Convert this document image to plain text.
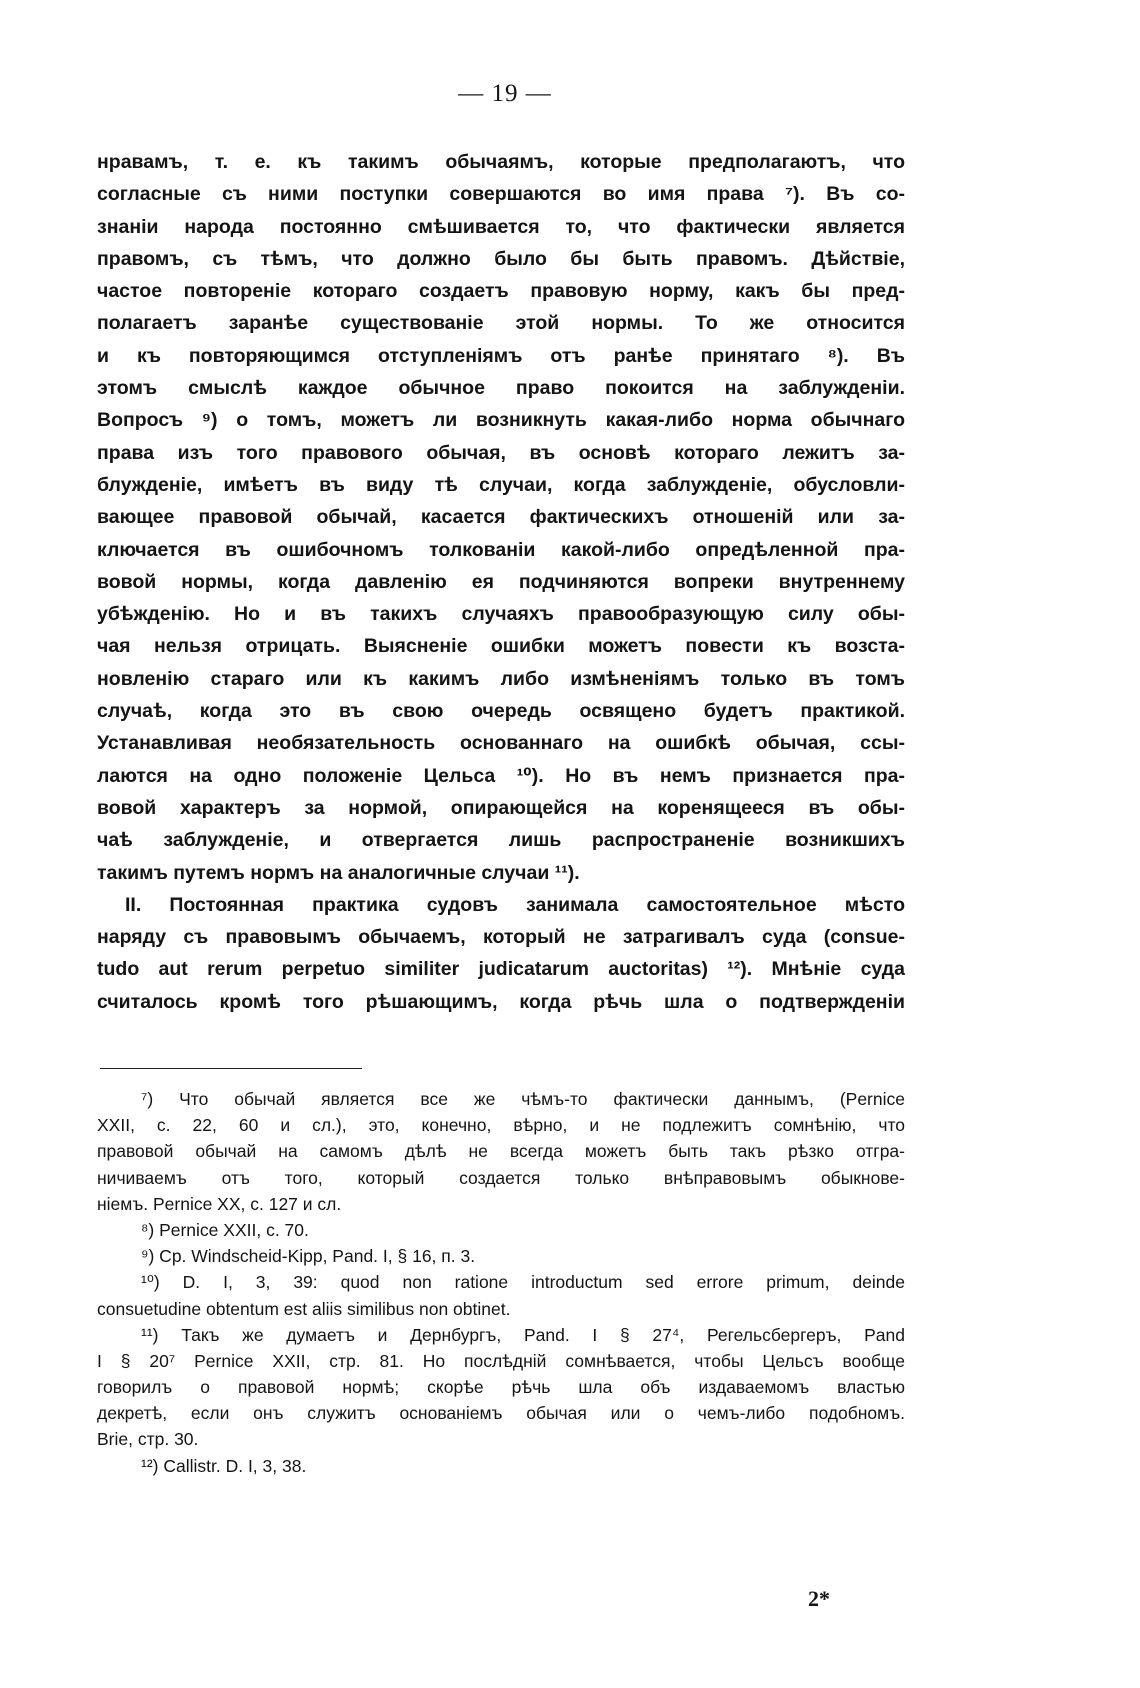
— 19 —
нравамъ, т. е. къ такимъ обычаямъ, которые предполагаютъ, что
согласные съ ними поступки совершаются во имя права ⁷). Въ со-
знаніи народа постоянно смѣшивается то, что фактически является
правомъ, съ тѣмъ, что должно было бы быть правомъ. Дѣйствіе,
частое повтореніе котораго создаетъ правовую норму, какъ бы пред-
полагаетъ заранѣе существованіе этой нормы. То же относится
и къ повторяющимся отступленіямъ отъ ранѣе принятаго ⁸). Въ
этомъ смыслѣ каждое обычное право покоится на заблужденіи.
Вопросъ ⁹) о томъ, можетъ ли возникнуть какая-либо норма обычнаго
права изъ того правового обычая, въ основѣ котораго лежитъ за-
блужденіе, имѣетъ въ виду тѣ случаи, когда заблужденіе, обусловли-
вающее правовой обычай, касается фактическихъ отношеній или за-
ключается въ ошибочномъ толкованіи какой-либо опредѣленной пра-
вовой нормы, когда давленію ея подчиняются вопреки внутреннему
убѣжденію. Но и въ такихъ случаяхъ правообразующую силу обы-
чая нельзя отрицать. Выясненіе ошибки можетъ повести къ возста-
новленію стараго или къ какимъ либо измѣненіямъ только въ томъ
случаѣ, когда это въ свою очередь освящено будетъ практикой.
Устанавливая необязательность основаннаго на ошибкѣ обычая, ссы-
лаются на одно положеніе Цельса ¹⁰). Но въ немъ признается пра-
вовой характеръ за нормой, опирающейся на коренящееся въ обы-
чаѣ заблужденіе, и отвергается лишь распространеніе возникшихъ
такимъ путемъ нормъ на аналогичные случаи ¹¹).
II. Постоянная практика судовъ занимала самостоятельное мѣсто
наряду съ правовымъ обычаемъ, который не затрагивалъ суда (consue-
tudo aut rerum perpetuo similiter judicatarum auctoritas) ¹²). Мнѣніе суда
считалось кромѣ того рѣшающимъ, когда рѣчь шла о подтвержденіи
⁷) Что обычай является все же чѣмъ-то фактически даннымъ, (Pernice
XXII, с. 22, 60 и сл.), это, конечно, вѣрно, и не подлежитъ сомнѣнію, что
правовой обычай на самомъ дѣлѣ не всегда можетъ быть такъ рѣзко отгра-
ничиваемъ отъ того, который создается только внѣправовымъ обыкнове-
ніемъ. Pernice XX, с. 127 и сл.
⁸) Pernice XXII, с. 70.
⁹) Ср. Windscheid-Kipp, Pand. I, § 16, п. 3.
¹⁰) D. I, 3, 39: quod non ratione introductum sed errore primum, deinde
consuetudine obtentum est aliis similibus non obtinet.
¹¹) Такъ же думаетъ и Дернбургъ, Pand. I § 27⁴, Регельсбергеръ, Pand
I § 20⁷ Pernice XXII, стр. 81. Но послѣдній сомнѣвается, чтобы Цельсъ вообще
говорилъ о правовой нормѣ; скорѣе рѣчь шла объ издаваемомъ властью
декретѣ, если онъ служитъ основаніемъ обычая или о чемъ-либо подобномъ.
Brie, стр. 30.
¹²) Callistr. D. I, 3, 38.
2*
